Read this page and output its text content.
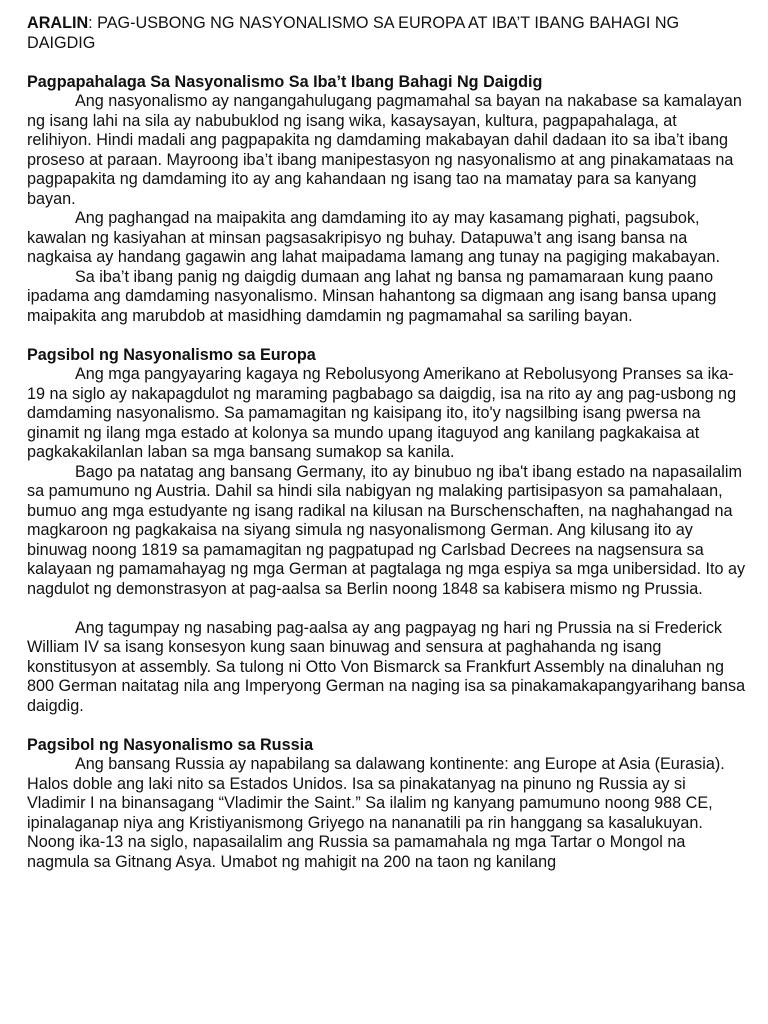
ARALIN: PAG-USBONG NG NASYONALISMO SA EUROPA AT IBA’T IBANG BAHAGI NG DAIGDIG

Pagpapahalaga Sa Nasyonalismo Sa Iba’t Ibang Bahagi Ng Daigdig

Ang nasyonalismo ay nangangahulugang pagmamahal sa bayan na nakabase sa kamalayan ng isang lahi na sila ay nabubuklod ng isang wika, kasaysayan, kultura, pagpapahalaga, at relihiyon. Hindi madali ang pagpapakita ng damdaming makabayan dahil dadaan ito sa iba’t ibang proseso at paraan. Mayroong iba’t ibang manipestasyon ng nasyonalismo at ang pinakamataas na pagpapakita ng damdaming ito ay ang kahandaan ng isang tao na mamatay para sa kanyang bayan.

Ang paghangad na maipakita ang damdaming ito ay may kasamang pighati, pagsubok, kawalan ng kasiyahan at minsan pagsasakripisyo ng buhay. Datapuwa’t ang isang bansa na nagkaisa ay handang gagawin ang lahat maipadama lamang ang tunay na pagiging makabayan.

Sa iba’t ibang panig ng daigdig dumaan ang lahat ng bansa ng pamamaraan kung paano ipadama ang damdaming nasyonalismo. Minsan hahantong sa digmaan ang isang bansa upang maipakita ang marubdob at masidhing damdamin ng pagmamahal sa sariling bayan.

Pagsibol ng Nasyonalismo sa Europa

Ang mga pangyayaring kagaya ng Rebolusyong Amerikano at Rebolusyong Pranses sa ika-19 na siglo ay nakapagdulot ng maraming pagbabago sa daigdig, isa na rito ay ang pag-usbong ng damdaming nasyonalismo. Sa pamamagitan ng kaisipang ito, ito'y nagsilbing isang pwersa na ginamit ng ilang mga estado at kolonya sa mundo upang itaguyod ang kanilang pagkakaisa at pagkakakilanlan laban sa mga bansang sumakop sa kanila.

Bago pa natatag ang bansang Germany, ito ay binubuo ng iba't ibang estado na napasailalim sa pamumuno ng Austria. Dahil sa hindi sila nabigyan ng malaking partisipasyon sa pamahalaan, bumuo ang mga estudyante ng isang radikal na kilusan na Burschenschaften, na naghahangad na magkaroon ng pagkakaisa na siyang simula ng nasyonalismong German. Ang kilusang ito ay binuwag noong 1819 sa pamamagitan ng pagpatupad ng Carlsbad Decrees na nagsensura sa kalayaan ng pamamahayag ng mga German at pagtalaga ng mga espiya sa mga unibersidad. Ito ay nagdulot ng demonstrasyon at pag-aalsa sa Berlin noong 1848 sa kabisera mismo ng Prussia.

Ang tagumpay ng nasabing pag-aalsa ay ang pagpayag ng hari ng Prussia na si Frederick William IV sa isang konsesyon kung saan binuwag and sensura at paghahanda ng isang konstitusyon at assembly. Sa tulong ni Otto Von Bismarck sa Frankfurt Assembly na dinaluhan ng 800 German naitatag nila ang Imperyong German na naging isa sa pinakamakapangyarihang bansa daigdig.

Pagsibol ng Nasyonalismo sa Russia

Ang bansang Russia ay napabilang sa dalawang kontinente: ang Europe at Asia (Eurasia). Halos doble ang laki nito sa Estados Unidos. Isa sa pinakatanyag na pinuno ng Russia ay si Vladimir I na binansagang “Vladimir the Saint.” Sa ilalim ng kanyang pamumuno noong 988 CE, ipinalaganap niya ang Kristiyanismong Griyego na nananatili pa rin hanggang sa kasalukuyan.

Noong ika-13 na siglo, napasailalim ang Russia sa pamamahala ng mga Tartar o Mongol na nagmula sa Gitnang Asya. Umabot ng mahigit na 200 na taon ng kanilang
